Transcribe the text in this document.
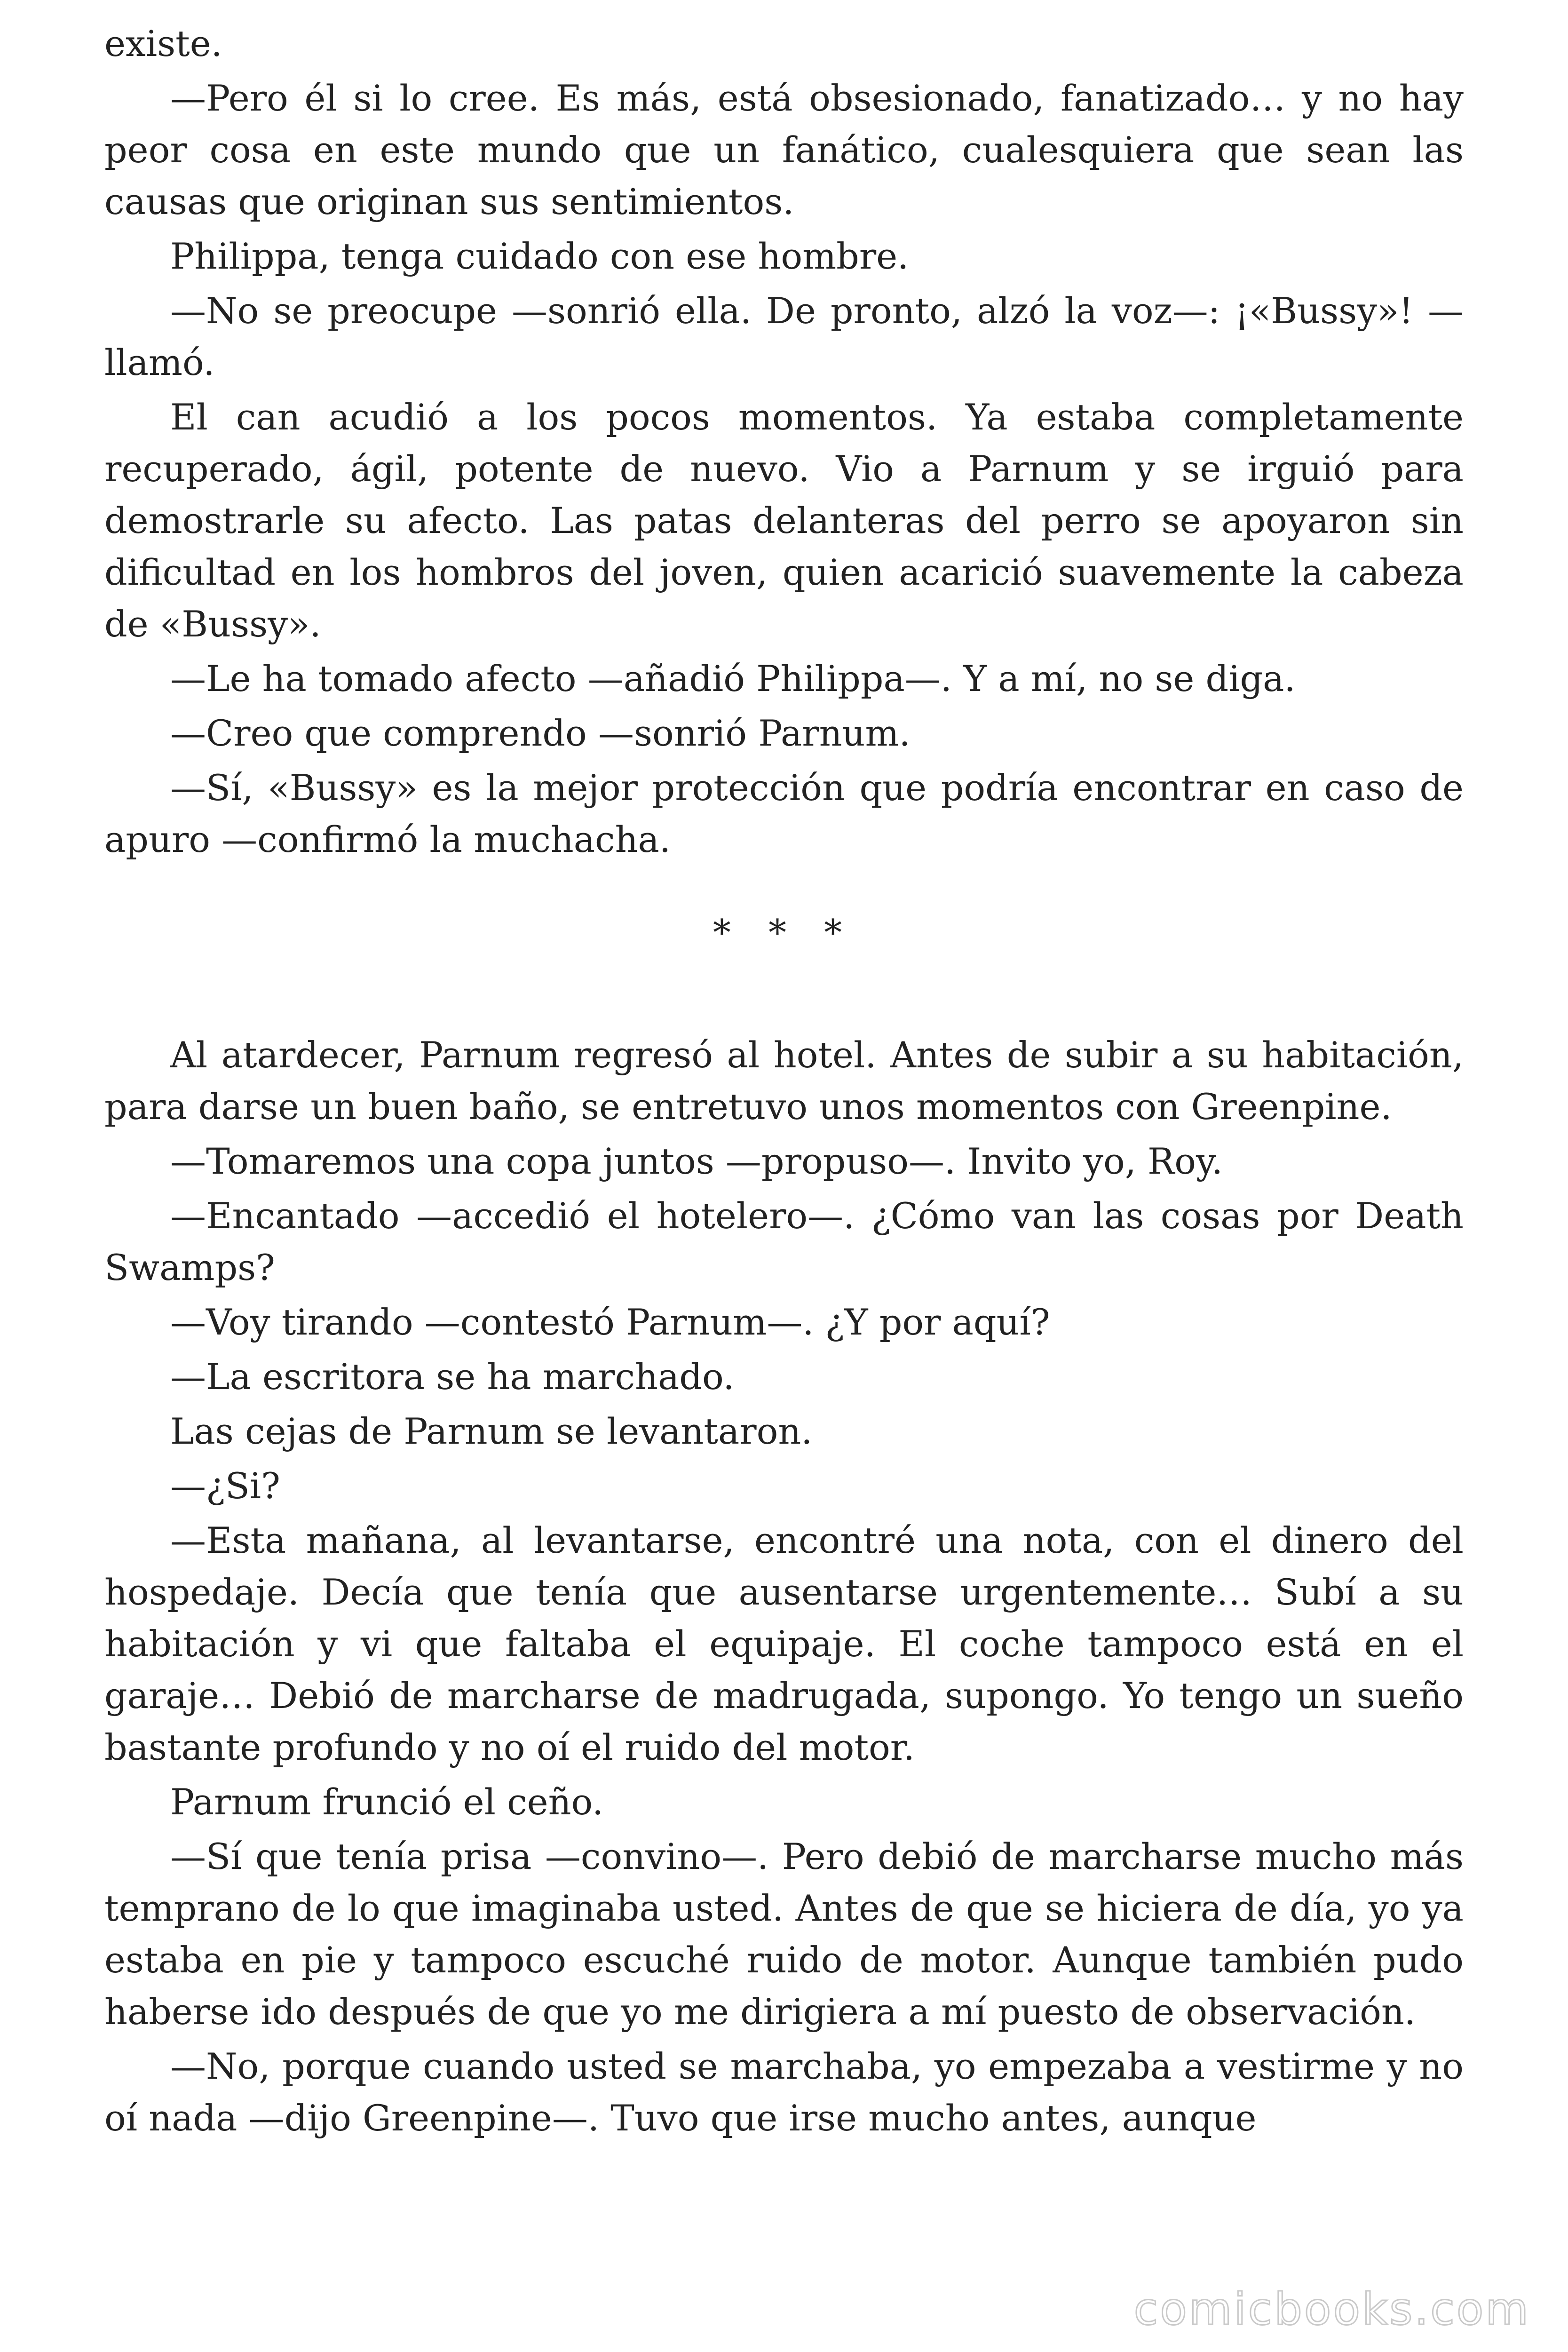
existe.

—Pero él si lo cree. Es más, está obsesionado, fanatizado… y no hay peor cosa en este mundo que un fanático, cualesquiera que sean las causas que originan sus sentimientos.

Philippa, tenga cuidado con ese hombre.

—No se preocupe —sonrió ella. De pronto, alzó la voz—: ¡«Bussy»! —llamó.

El can acudió a los pocos momentos. Ya estaba completamente recuperado, ágil, potente de nuevo. Vio a Parnum y se irguió para demostrarle su afecto. Las patas delanteras del perro se apoyaron sin dificultad en los hombros del joven, quien acarició suavemente la cabeza de «Bussy».

—Le ha tomado afecto —añadió Philippa—. Y a mí, no se diga.

—Creo que comprendo —sonrió Parnum.

—Sí, «Bussy» es la mejor protección que podría encontrar en caso de apuro —confirmó la muchacha.

* * *

Al atardecer, Parnum regresó al hotel. Antes de subir a su habitación, para darse un buen baño, se entretuvo unos momentos con Greenpine.

—Tomaremos una copa juntos —propuso—. Invito yo, Roy.

—Encantado —accedió el hotelero—. ¿Cómo van las cosas por Death Swamps?

—Voy tirando —contestó Parnum—. ¿Y por aquí?

—La escritora se ha marchado.

Las cejas de Parnum se levantaron.

—¿Si?

—Esta mañana, al levantarse, encontré una nota, con el dinero del hospedaje. Decía que tenía que ausentarse urgentemente… Subí a su habitación y vi que faltaba el equipaje. El coche tampoco está en el garaje… Debió de marcharse de madrugada, supongo. Yo tengo un sueño bastante profundo y no oí el ruido del motor.

Parnum frunció el ceño.

—Sí que tenía prisa —convino—. Pero debió de marcharse mucho más temprano de lo que imaginaba usted. Antes de que se hiciera de día, yo ya estaba en pie y tampoco escuché ruido de motor. Aunque también pudo haberse ido después de que yo me dirigiera a mí puesto de observación.

—No, porque cuando usted se marchaba, yo empezaba a vestirme y no oí nada —dijo Greenpine—. Tuvo que irse mucho antes, aunque

comicbooks.com
